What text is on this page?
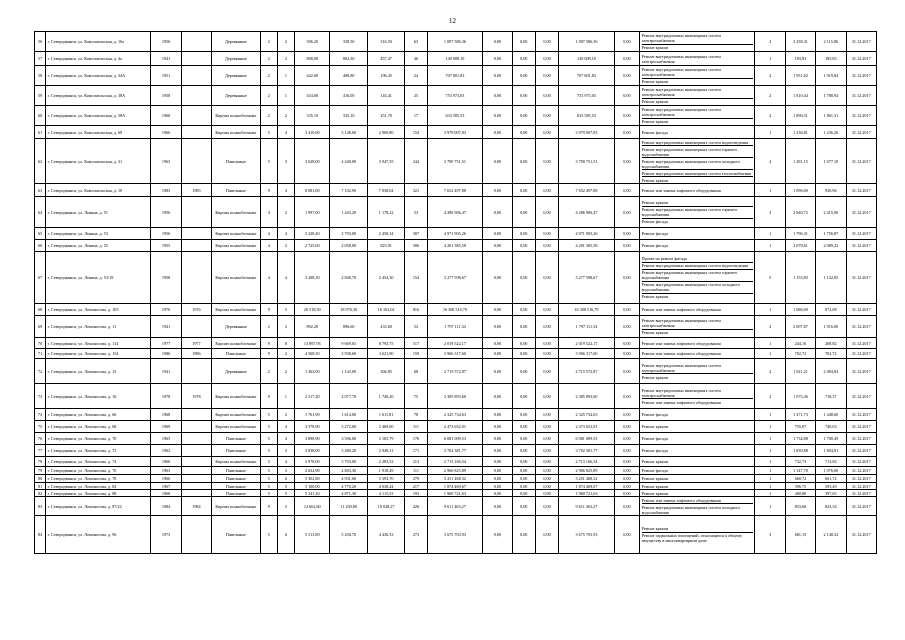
12
56	г. Северодвинск, ул. Комсомольская, д. 16а	1956		Деревянные	2	2	506,20	338,50	316,50	63	1 097 586,36	0,00	0,00	0,00	1 097 586,36	0,00	Ремонт внутридомовых инженерных систем электроснабжения
Ремонт крыши	2	3 238,31	2 115,86	31.12.2017
57	г. Северодвинск, ул. Комсомольская, д. 4а	1941		Деревянные	2	2	808,00	802,30	457,47	46	140 008,10	0,00	0,00	0,00	140 008,10	0,00	Ремонт внутридомовых инженерных систем электроснабжения	1	183,83	183,83	31.12.2017
58	г. Северодвинск, ул. Комсомольская, д. 34А	1951		Деревянные	2	1	442,00	408,80	196,45	24	707 801,83	0,00	0,00	0,00	707 801,83	0,00	Ремонт внутридомовых инженерных систем электроснабжения
Ремонт крыши	2	1 951,62	1 919,84	31.12.2017
59	г. Северодвинск, ул. Комсомольская, д. 38А	1958		Деревянные	2	1	434,00	416,00	143,41	25	753 973,03	0,00	0,00	0,00	753 973,03	0,00	Ремонт внутридомовых инженерных систем электроснабжения
Ремонт крыши	2	1 810,44	1 788,94	31.12.2017
60	г. Северодвинск, ул. Комсомольская, д. 58А	1960		Кирпич шлакоблочные	2	2	335,10	335,10	251,70	17	633 585,53	0,00	0,00	0,00	633 585,53	0,00	Ремонт внутридомовых инженерных систем электроснабжения
Ремонт крыши	2	1 890,31	1 861,31	31.12.2017
61	г. Северодвинск, ул. Комсомольская, д. 69	1966		Кирпич шлакоблочные	5	4	3 410,60	3 148,00	2 060,80	154	3 979 007,83	0,00	0,00	0,00	3 979 007,83	0,00	Ремонт фасада	1	1 236,81	1 236,26	31.12.2017
62	г. Северодвинск, ул. Комсомольская, д. 31	1963		Панельные	5	3	3 628,00	4 440,00	3 947,35	244	3 790 751,51	0,00	0,00	0,00	3 790 751,51	0,00	Ремонт внутридомовых инженерных систем водоотведения
Ремонт внутридомовых инженерных систем горячего водоснабжения
Ремонт внутридомовых инженерных систем холодного водоснабжения
Ремонт внутридомовых инженерных систем теплоснабжения
Ремонт крыши	4	1 281,15	1 077,10	31.12.2017
63	г. Северодвинск, ул. Комсомольская, д. 10	1983	1983	Панельные	9	4	8 081,00	7 102,90	7 038,04	321	7 652 497,88	0,00	0,00	0,00	7 652 497,88	0,00	Ремонт или замена лифтового оборудования	1	1 096,69	930,96	31.12.2017
64	г. Северодвинск, ул. Ленина, д. 51	1956		Кирпич шлакоблочные	4	2	1 997,00	1 443,20	1 178,22	53	4 286 906,47	0,00	0,00	0,00	4 286 906,47	0,00	Ремонт крыши
Ремонт внутридомовых инженерных систем горячего водоснабжения
Ремонт фасада	3	2 840,72	2 415,90	31.12.2017
65	г. Северодвинск, ул. Ленина, д. 53	1956		Кирпич шлакоблочные	4	4	3 328,40	2 793,00	2 458,34	307	4 971 905,26	0,00	0,00	0,00	4 971 905,26	0,00	Ремонт фасада	1	1 796,31	1 756,87	31.12.2017
66	г. Северодвинск, ул. Ленина, д. 55	1955		Кирпич шлакоблочные	4	2	2 725,60	2 058,00	823,91	306	4 201 385,58	0,00	0,00	0,00	4 201 385,58	0,00	Ремонт фасада	1	2 079,61	2 089,22	31.12.2017
67	г. Северодвинск, ул. Ленина, д. 53/19	1958		Кирпич шлакоблочные	4	4	3 208,30	2 840,70	2 454,30	154	3 277 598,67	0,00	0,00	0,00	3 277 598,67	0,00	Проект на ремонт фасада
Ремонт внутридомовых инженерных систем водоотведения
Ремонт внутридомовых инженерных систем горячего водоснабжения
Ремонт внутридомовых инженерных систем холодного водоснабжения
Ремонт крыши	5	1 153,83	1 132,85	31.12.2017
68	г. Северодвинск, ул. Ломоносова, д. 105	1976	1976	Кирпич шлакоблочные	9	5	20 518,50	18 976,30	16 163,02	816	16 308 516,79	0,00	0,00	0,00	16 308 516,79	0,00	Ремонт или замена лифтового оборудования	1	1 086,69	872,08	31.12.2017
69	г. Северодвинск, ул. Ломоносова, д. 11	1941		Деревянные	2	2	892,20	896,60	433,60	52	1 797 111,34	0,00	0,00	0,00	1 797 111,34	0,00	Ремонт внутридомовых инженерных систем электроснабжения
Ремонт крыши	2	2 007,87	1 916,00	31.12.2017
70	г. Северодвинск, ул. Ломоносова, д. 114	1977	1977	Кирпич шлакоблочные	9	8	13 897,93	9 669,03	8 793,75	517	2 019 522,17	0,00	0,00	0,00	2 019 522,17	0,00	Ремонт или замена лифтового оборудования	1	244,16	208,82	31.12.2017
71	г. Северодвинск, ул. Ломоносова, д. 154	1986	1986	Панельные	9	2	4 568,50	3 938,60	3 621,90	159	3 966 317,60	0,00	0,00	0,00	3 966 317,60	0,00	Ремонт или замена лифтового оборудования	1	702,72	702,72	31.12.2017
72	г. Северодвинск, ул. Ломоносова, д. 15	1941		Деревянные	2	2	1 363,00	1 143,00	304,85	68	2 715 572,87	0,00	0,00	0,00	2 715 572,87	0,00	Ремонт внутридомовых инженерных систем электроснабжения
Ремонт крыши	2	1 921,21	2 084,84	31.12.2017
73	г. Северодвинск, ул. Ломоносова, д. 16	1978	1978	Кирпич шлакоблочные	9	1	2 517,20	2 077,70	1 740,20	75	2 385 893,60	0,00	0,00	0,00	2 385 893,60	0,00	Ремонт внутридомовых инженерных систем электроснабжения
Ремонт или замена лифтового оборудования	2	1 075,46	718,37	31.12.2017
74	г. Северодвинск, ул. Ломоносова, д. 66	1968		Кирпич шлакоблочные	5	2	1 761,90	1 614,00	1 611,81	78	2 325 734,63	0,00	0,00	0,00	2 325 734,63	0,00	Ремонт фасада	1	1 471,73	1 448,60	31.12.2017
75	г. Северодвинск, ул. Ломоносова, д. 68	1969		Кирпич шлакоблочные	5	4	3 578,90	3 272,00	2 469,00	111	2 473 652,01	0,00	0,00	0,00	2 473 652,01	0,00	Ремонт крыши	1	755,87	740,03	31.12.2017
76	г. Северодвинск, ул. Ломоносова, д. 70	1965		Панельные	5	4	3 898,90	3 506,00	3 165,79	176	6 081 009,53	0,00	0,00	0,00	6 081 009,53	0,00	Ремонт фасада	1	1 734,88	1 700,49	31.12.2017
77	г. Северодвинск, ул. Ломоносова, д. 72	1962		Панельные	5	3	3 838,00	3 480,20	2 948,31	171	3 702 381,77	0,00	0,00	0,00	3 702 381,77	0,00	Ремонт фасада	1	1 839,88	1 804,81	31.12.2017
78	г. Северодвинск, ул. Ломоносова, д. 74	1966		Кирпич шлакоблочные	5	4	3 978,00	3 703,00	2 283,32	213	2 713 166,54	0,00	0,00	0,00	2 713 166,54	0,00	Ремонт крыши	1	732,73	713,82	31.12.2017
79	г. Северодвинск, ул. Ломоносова, д. 76	1963		Панельные	5	3	2 632,90	2 603,30	1 918,49	111	2 966 825,89	0,00	0,00	0,00	2 966 825,89	0,00	Ремонт фасада	1	1 147,78	1 076,60	31.12.2017
80	г. Северодвинск, ул. Ломоносова, д. 78	1966		Панельные	5	6	5 302,80	4 931,00	3 393,70	279	3 251 468,32	0,00	0,00	0,00	3 251 468,32	0,00	Ремонт крыши	1	660,72	661,72	31.12.2017
81	г. Северодвинск, ул. Ломоносова, д. 82	1967		Панельные	5	5	5 100,00	4 770,20	4 038,44	217	1 874 469,67	0,00	0,00	0,00	1 874 469,67	0,00	Ремонт крыши	1	396,75	393,49	31.12.2017
82	г. Северодвинск, ул. Ломоносова, д. 88	1968		Панельные	5	5	5 141,20	4 871,30	4 115,53	193	1 960 721,63	0,00	0,00	0,00	1 960 721,63	0,00	Ремонт крыши	1	400,80	397,65	31.12.2017
83	г. Северодвинск, ул. Ломоносова, д. 87/22	1984	1984	Кирпич шлакоблочные	9	5	12 662,60	11 230,80	10 028,27	426	9 611 463,27	0,00	0,00	0,00	9 611 463,27	0,00	Ремонт или замена лифтового оборудования
Ремонт внутридомовых инженерных систем холодного водоснабжения	1	853,68	823,54	31.12.2017
84	г. Северодвинск, ул. Ломоносова, д. 96	1973		Панельные	5	6	5 313,80	5 430,70	4 436,53	273	3 675 703,93	0,00	0,00	0,00	3 675 703,93	0,00	Ремонт крыши
Ремонт подвальных помещений, относящихся к общему имуществу в многоквартирном доме	3	681,15	2 148,32	31.12.2017
